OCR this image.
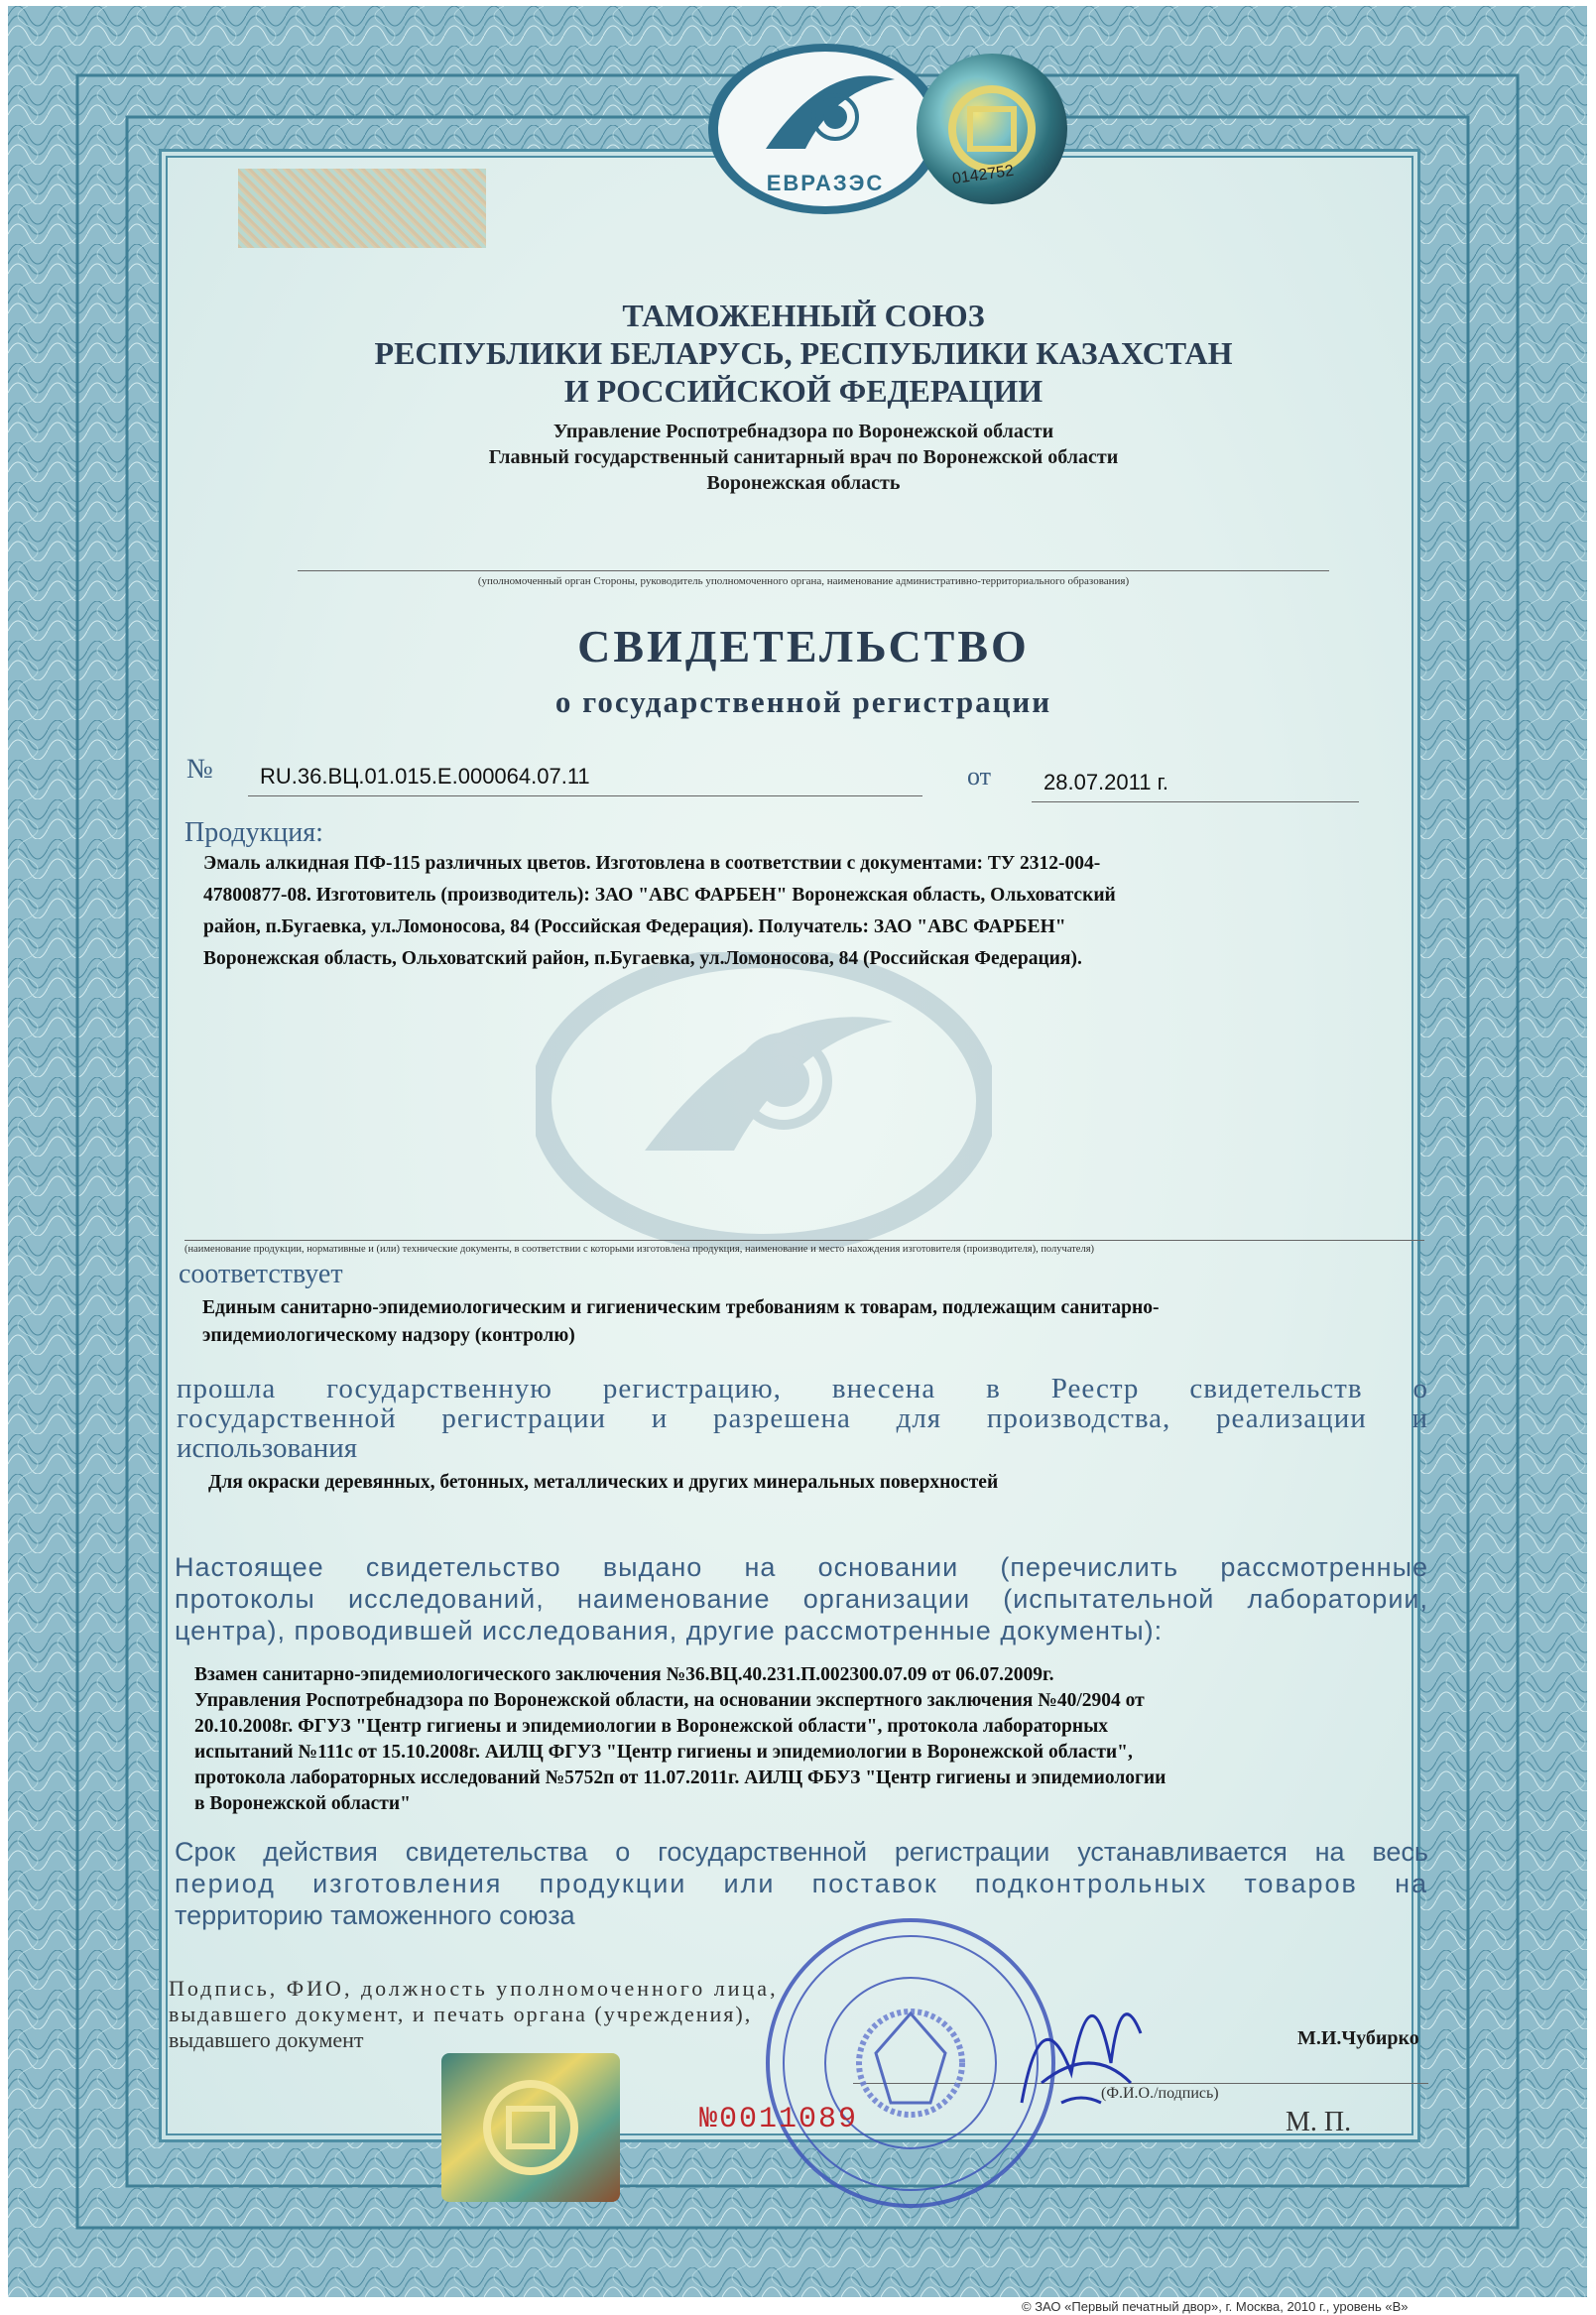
ЕВРАЗЭС	0142752
ТАМОЖЕННЫЙ СОЮЗ
РЕСПУБЛИКИ БЕЛАРУСЬ, РЕСПУБЛИКИ КАЗАХСТАН
И РОССИЙСКОЙ ФЕДЕРАЦИИ
Управление Роспотребнадзора по Воронежской области
Главный государственный санитарный врач по Воронежской области
Воронежская область
(уполномоченный орган Стороны, руководитель уполномоченного органа, наименование административно-территориального образования)
СВИДЕТЕЛЬСТВО
о государственной регистрации
№ RU.36.ВЦ.01.015.Е.000064.07.11	от 28.07.2011 г.
Продукция:
Эмаль алкидная ПФ-115 различных цветов. Изготовлена в соответствии с документами: ТУ 2312-004-
47800877-08. Изготовитель (производитель): ЗАО "АВС ФАРБЕН" Воронежская область, Ольховатский
район, п.Бугаевка, ул.Ломоносова, 84 (Российская Федерация). Получатель: ЗАО "АВС ФАРБЕН"
Воронежская область, Ольховатский район, п.Бугаевка, ул.Ломоносова, 84 (Российская Федерация).
(наименование продукции, нормативные и (или) технические документы, в соответствии с которыми изготовлена продукция, наименование и место нахождения изготовителя (производителя), получателя)
соответствует
Единым санитарно-эпидемиологическим и гигиеническим требованиям к товарам, подлежащим санитарно-
эпидемиологическому надзору (контролю)
прошла государственную регистрацию, внесена в Реестр свидетельств о
государственной регистрации и разрешена для производства, реализации и
использования
Для окраски деревянных, бетонных, металлических и других минеральных поверхностей
Настоящее свидетельство выдано на основании (перечислить рассмотренные
протоколы исследований, наименование организации (испытательной лаборатории,
центра), проводившей исследования, другие рассмотренные документы):
Взамен санитарно-эпидемиологического заключения №36.ВЦ.40.231.П.002300.07.09 от 06.07.2009г.
Управления Роспотребнадзора по Воронежской области, на основании экспертного заключения №40/2904 от
20.10.2008г. ФГУЗ "Центр гигиены и эпидемиологии в Воронежской области", протокола лабораторных
испытаний №111с от 15.10.2008г. АИЛЦ ФГУЗ "Центр гигиены и эпидемиологии в Воронежской области",
протокола лабораторных исследований №5752п от 11.07.2011г. АИЛЦ ФБУЗ "Центр гигиены и эпидемиологии
в Воронежской области"
Срок действия свидетельства о государственной регистрации устанавливается на весь
период изготовления продукции или поставок подконтрольных товаров на
территорию таможенного союза
Подпись, ФИО, должность уполномоченного лица,
выдавшего документ, и печать органа (учреждения),
выдавшего документ	М.И.Чубирко
(Ф.И.О./подпись)
М. П.
№0011089
© ЗАО «Первый печатный двор», г. Москва, 2010 г., уровень «В»
